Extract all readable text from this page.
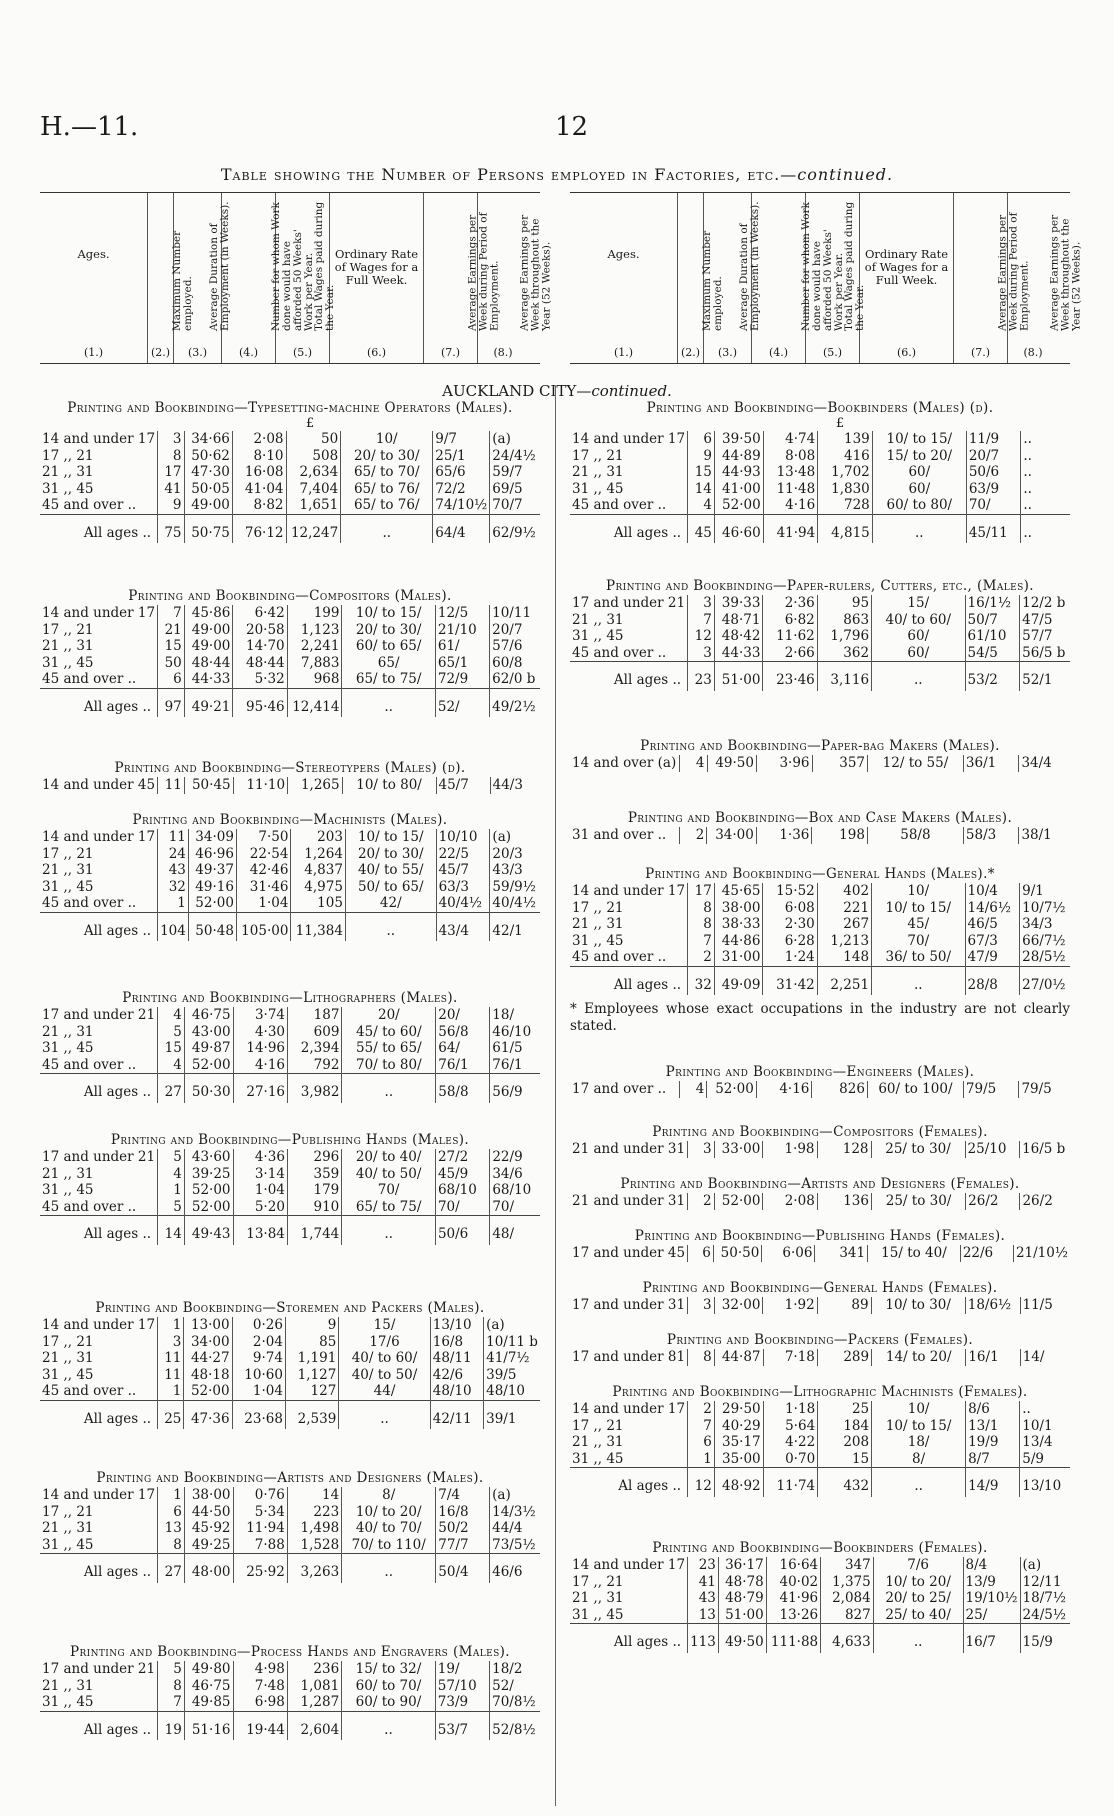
H.—11.	12
Table showing the Number of Persons employed in Factories, etc.—continued.
Ages.
(1.)
Maximum Number employed.
(2.)
Average Duration of Employment (in Weeks).
(3.)
Number for whom Work done would have afforded 50 Weeks' Work per Year.
(4.)
Total Wages paid during the Year.
(5.)
Ordinary Rate of Wages for a Full Week.
(6.)
Average Earnings per Week during Period of Employment.
(7.)
Average Earnings per Week throughout the Year (52 Weeks).
(8.)
Ages.
(1.)
Maximum Number employed.
(2.)
Average Duration of Employment (in Weeks).
(3.)
Number for whom Work done would have afforded 50 Weeks' Work per Year.
(4.)
Total Wages paid during the Year.
(5.)
Ordinary Rate of Wages for a Full Week.
(6.)
Average Earnings per Week during Period of Employment.
(7.)
Average Earnings per Week throughout the Year (52 Weeks).
(8.)
AUCKLAND CITY—continued.
Printing and Bookbinding—Typesetting-machine Operators (Males).
£
14 and under 17	3	34·66	2·08	50	10/	9/7	(a)
17 ,, 21	8	50·62	8·10	508	20/ to 30/	25/1	24/4½
21 ,, 31	17	47·30	16·08	2,634	65/ to 70/	65/6	59/7
31 ,, 45	41	50·05	41·04	7,404	65/ to 76/	72/2	69/5
45 and over ..	9	49·00	8·82	1,651	65/ to 76/	74/10½	70/7
All ages ..	75	50·75	76·12	12,247	..	64/4	62/9½
Printing and Bookbinding—Compositors (Males).
14 and under 17	7	45·86	6·42	199	10/ to 15/	12/5	10/11
17 ,, 21	21	49·00	20·58	1,123	20/ to 30/	21/10	20/7
21 ,, 31	15	49·00	14·70	2,241	60/ to 65/	61/	57/6
31 ,, 45	50	48·44	48·44	7,883	65/	65/1	60/8
45 and over ..	6	44·33	5·32	968	65/ to 75/	72/9	62/0 b
All ages ..	97	49·21	95·46	12,414	..	52/	49/2½
Printing and Bookbinding—Stereotypers (Males) (d).
14 and under 45	11	50·45	11·10	1,265	10/ to 80/	45/7	44/3
Printing and Bookbinding—Machinists (Males).
14 and under 17	11	34·09	7·50	203	10/ to 15/	10/10	(a)
17 ,, 21	24	46·96	22·54	1,264	20/ to 30/	22/5	20/3
21 ,, 31	43	49·37	42·46	4,837	40/ to 55/	45/7	43/3
31 ,, 45	32	49·16	31·46	4,975	50/ to 65/	63/3	59/9½
45 and over ..	1	52·00	1·04	105	42/	40/4½	40/4½
All ages ..	104	50·48	105·00	11,384	..	43/4	42/1
Printing and Bookbinding—Lithographers (Males).
17 and under 21	4	46·75	3·74	187	20/	20/	18/
21 ,, 31	5	43·00	4·30	609	45/ to 60/	56/8	46/10
31 ,, 45	15	49·87	14·96	2,394	55/ to 65/	64/	61/5
45 and over ..	4	52·00	4·16	792	70/ to 80/	76/1	76/1
All ages ..	27	50·30	27·16	3,982	..	58/8	56/9
Printing and Bookbinding—Publishing Hands (Males).
17 and under 21	5	43·60	4·36	296	20/ to 40/	27/2	22/9
21 ,, 31	4	39·25	3·14	359	40/ to 50/	45/9	34/6
31 ,, 45	1	52·00	1·04	179	70/	68/10	68/10
45 and over ..	5	52·00	5·20	910	65/ to 75/	70/	70/
All ages ..	14	49·43	13·84	1,744	..	50/6	48/
Printing and Bookbinding—Storemen and Packers (Males).
14 and under 17	1	13·00	0·26	9	15/	13/10	(a)
17 ,, 21	3	34·00	2·04	85	17/6	16/8	10/11 b
21 ,, 31	11	44·27	9·74	1,191	40/ to 60/	48/11	41/7½
31 ,, 45	11	48·18	10·60	1,127	40/ to 50/	42/6	39/5
45 and over ..	1	52·00	1·04	127	44/	48/10	48/10
All ages ..	25	47·36	23·68	2,539	..	42/11	39/1
Printing and Bookbinding—Artists and Designers (Males).
14 and under 17	1	38·00	0·76	14	8/	7/4	(a)
17 ,, 21	6	44·50	5·34	223	10/ to 20/	16/8	14/3½
21 ,, 31	13	45·92	11·94	1,498	40/ to 70/	50/2	44/4
31 ,, 45	8	49·25	7·88	1,528	70/ to 110/	77/7	73/5½
All ages ..	27	48·00	25·92	3,263	..	50/4	46/6
Printing and Bookbinding—Process Hands and Engravers (Males).
17 and under 21	5	49·80	4·98	236	15/ to 32/	19/	18/2
21 ,, 31	8	46·75	7·48	1,081	60/ to 70/	57/10	52/
31 ,, 45	7	49·85	6·98	1,287	60/ to 90/	73/9	70/8½
All ages ..	19	51·16	19·44	2,604	..	53/7	52/8½
Printing and Bookbinding—Bookbinders (Males) (d).
£
14 and under 17	6	39·50	4·74	139	10/ to 15/	11/9	..
17 ,, 21	9	44·89	8·08	416	15/ to 20/	20/7	..
21 ,, 31	15	44·93	13·48	1,702	60/	50/6	..
31 ,, 45	14	41·00	11·48	1,830	60/	63/9	..
45 and over ..	4	52·00	4·16	728	60/ to 80/	70/	..
All ages ..	45	46·60	41·94	4,815	..	45/11	..
Printing and Bookbinding—Paper-rulers, Cutters, etc., (Males).
17 and under 21	3	39·33	2·36	95	15/	16/1½	12/2 b
21 ,, 31	7	48·71	6·82	863	40/ to 60/	50/7	47/5
31 ,, 45	12	48·42	11·62	1,796	60/	61/10	57/7
45 and over ..	3	44·33	2·66	362	60/	54/5	56/5 b
All ages ..	23	51·00	23·46	3,116	..	53/2	52/1
Printing and Bookbinding—Paper-bag Makers (Males).
14 and over (a)	4	49·50	3·96	357	12/ to 55/	36/1	34/4
Printing and Bookbinding—Box and Case Makers (Males).
31 and over ..	2	34·00	1·36	198	58/8	58/3	38/1
Printing and Bookbinding—General Hands (Males).*
14 and under 17	17	45·65	15·52	402	10/	10/4	9/1
17 ,, 21	8	38·00	6·08	221	10/ to 15/	14/6½	10/7½
21 ,, 31	8	38·33	2·30	267	45/	46/5	34/3
31 ,, 45	7	44·86	6·28	1,213	70/	67/3	66/7½
45 and over ..	2	31·00	1·24	148	36/ to 50/	47/9	28/5½
All ages ..	32	49·09	31·42	2,251	..	28/8	27/0½
* Employees whose exact occupations in the industry are not clearly stated.
Printing and Bookbinding—Engineers (Males).
17 and over ..	4	52·00	4·16	826	60/ to 100/	79/5	79/5
Printing and Bookbinding—Compositors (Females).
21 and under 31	3	33·00	1·98	128	25/ to 30/	25/10	16/5 b
Printing and Bookbinding—Artists and Designers (Females).
21 and under 31	2	52·00	2·08	136	25/ to 30/	26/2	26/2
Printing and Bookbinding—Publishing Hands (Females).
17 and under 45	6	50·50	6·06	341	15/ to 40/	22/6	21/10½
Printing and Bookbinding—General Hands (Females).
17 and under 31	3	32·00	1·92	89	10/ to 30/	18/6½	11/5
Printing and Bookbinding—Packers (Females).
17 and under 81	8	44·87	7·18	289	14/ to 20/	16/1	14/
Printing and Bookbinding—Lithographic Machinists (Females).
14 and under 17	2	29·50	1·18	25	10/	8/6	..
17 ,, 21	7	40·29	5·64	184	10/ to 15/	13/1	10/1
21 ,, 31	6	35·17	4·22	208	18/	19/9	13/4
31 ,, 45	1	35·00	0·70	15	8/	8/7	5/9
Al ages ..	12	48·92	11·74	432	..	14/9	13/10
Printing and Bookbinding—Bookbinders (Females).
14 and under 17	23	36·17	16·64	347	7/6	8/4	(a)
17 ,, 21	41	48·78	40·02	1,375	10/ to 20/	13/9	12/11
21 ,, 31	43	48·79	41·96	2,084	20/ to 25/	19/10½	18/7½
31 ,, 45	13	51·00	13·26	827	25/ to 40/	25/	24/5½
All ages ..	113	49·50	111·88	4,633	..	16/7	15/9
